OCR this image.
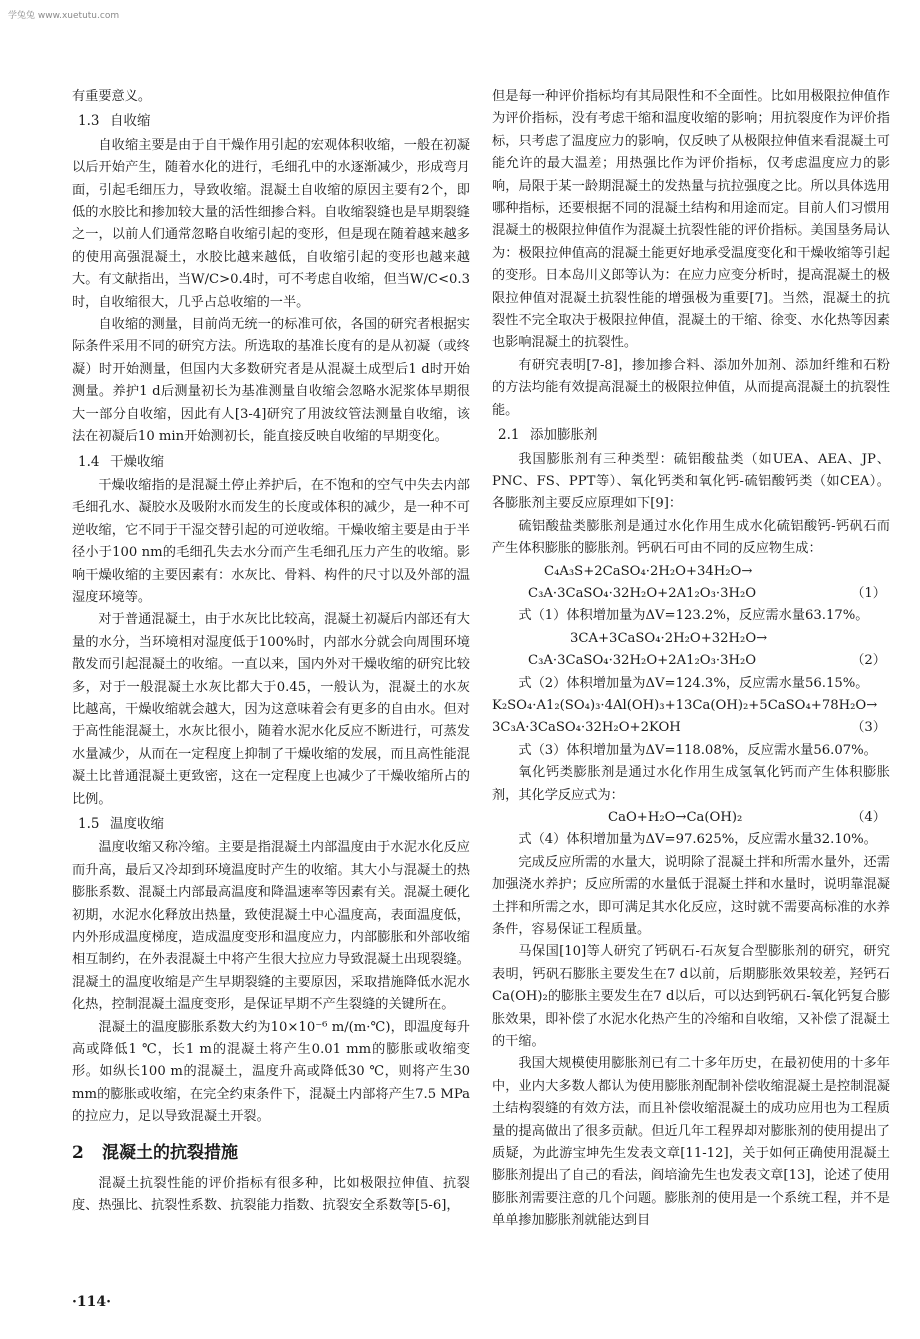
学兔兔 www.xuetutu.com

有重要意义。

1.3 自收缩

自收缩主要是由于自干燥作用引起的宏观体积收缩，一般在初凝以后开始产生，随着水化的进行，毛细孔中的水逐渐减少，形成弯月面，引起毛细压力，导致收缩。混凝土自收缩的原因主要有2个，即低的水胶比和掺加较大量的活性细掺合料。自收缩裂缝也是早期裂缝之一，以前人们通常忽略自收缩引起的变形，但是现在随着越来越多的使用高强混凝土，水胶比越来越低，自收缩引起的变形也越来越大。有文献指出，当W/C>0.4时，可不考虑自收缩，但当W/C<0.3时，自收缩很大，几乎占总收缩的一半。

自收缩的测量，目前尚无统一的标准可依，各国的研究者根据实际条件采用不同的研究方法。所选取的基准长度有的是从初凝（或终凝）时开始测量，但国内大多数研究者是从混凝土成型后1 d时开始测量。养护1 d后测量初长为基准测量自收缩会忽略水泥浆体早期很大一部分自收缩，因此有人[3-4]研究了用波纹管法测量自收缩，该法在初凝后10 min开始测初长，能直接反映自收缩的早期变化。

1.4 干燥收缩

干燥收缩指的是混凝土停止养护后，在不饱和的空气中失去内部毛细孔水、凝胶水及吸附水而发生的长度或体积的减少，是一种不可逆收缩，它不同于干湿交替引起的可逆收缩。干燥收缩主要是由于半径小于100 nm的毛细孔失去水分而产生毛细孔压力产生的收缩。影响干燥收缩的主要因素有：水灰比、骨料、构件的尺寸以及外部的温湿度环境等。

对于普通混凝土，由于水灰比比较高，混凝土初凝后内部还有大量的水分，当环境相对湿度低于100%时，内部水分就会向周围环境散发而引起混凝土的收缩。一直以来，国内外对干燥收缩的研究比较多，对于一般混凝土水灰比都大于0.45，一般认为，混凝土的水灰比越高，干燥收缩就会越大，因为这意味着会有更多的自由水。但对于高性能混凝土，水灰比很小，随着水泥水化反应不断进行，可蒸发水量减少，从而在一定程度上抑制了干燥收缩的发展，而且高性能混凝土比普通混凝土更致密，这在一定程度上也减少了干燥收缩所占的比例。

1.5 温度收缩

温度收缩又称冷缩。主要是指混凝土内部温度由于水泥水化反应而升高，最后又冷却到环境温度时产生的收缩。其大小与混凝土的热膨胀系数、混凝土内部最高温度和降温速率等因素有关。混凝土硬化初期，水泥水化释放出热量，致使混凝土中心温度高，表面温度低，内外形成温度梯度，造成温度变形和温度应力，内部膨胀和外部收缩相互制约，在外表混凝土中将产生很大拉应力导致混凝土出现裂缝。混凝土的温度收缩是产生早期裂缝的主要原因，采取措施降低水泥水化热，控制混凝土温度变形，是保证早期不产生裂缝的关键所在。

混凝土的温度膨胀系数大约为10×10⁻⁶ m/(m·℃)，即温度每升高或降低1 ℃，长1 m的混凝土将产生0.01 mm的膨胀或收缩变形。如纵长100 m的混凝土，温度升高或降低30 ℃，则将产生30 mm的膨胀或收缩，在完全约束条件下，混凝土内部将产生7.5 MPa的拉应力，足以导致混凝土开裂。

2 混凝土的抗裂措施

混凝土抗裂性能的评价指标有很多种，比如极限拉伸值、抗裂度、热强比、抗裂性系数、抗裂能力指数、抗裂安全系数等[5-6]，

但是每一种评价指标均有其局限性和不全面性。比如用极限拉伸值作为评价指标，没有考虑干缩和温度收缩的影响；用抗裂度作为评价指标，只考虑了温度应力的影响，仅反映了从极限拉伸值来看混凝土可能允许的最大温差；用热强比作为评价指标，仅考虑温度应力的影响，局限于某一龄期混凝土的发热量与抗拉强度之比。所以具体选用哪种指标，还要根据不同的混凝土结构和用途而定。目前人们习惯用混凝土的极限拉伸值作为混凝土抗裂性能的评价指标。美国垦务局认为：极限拉伸值高的混凝土能更好地承受温度变化和干燥收缩等引起的变形。日本岛川义郎等认为：在应力应变分析时，提高混凝土的极限拉伸值对混凝土抗裂性能的增强极为重要[7]。当然，混凝土的抗裂性不完全取决于极限拉伸值，混凝土的干缩、徐变、水化热等因素也影响混凝土的抗裂性。

有研究表明[7-8]，掺加掺合料、添加外加剂、添加纤维和石粉的方法均能有效提高混凝土的极限拉伸值，从而提高混凝土的抗裂性能。

2.1 添加膨胀剂

我国膨胀剂有三种类型：硫铝酸盐类（如UEA、AEA、JP、PNC、FS、PPT等）、氧化钙类和氧化钙-硫铝酸钙类（如CEA）。各膨胀剂主要反应原理如下[9]：

硫铝酸盐类膨胀剂是通过水化作用生成水化硫铝酸钙-钙矾石而产生体积膨胀的膨胀剂。钙矾石可由不同的反应物生成：

C₄A₃S+2CaSO₄·2H₂O+34H₂O→
C₃A·3CaSO₄·32H₂O+2A1₂O₃·3H₂O	（1）

式（1）体积增加量为ΔV=123.2%，反应需水量63.17%。

3CA+3CaSO₄·2H₂O+32H₂O→
C₃A·3CaSO₄·32H₂O+2A1₂O₃·3H₂O	（2）

式（2）体积增加量为ΔV=124.3%，反应需水量56.15%。

K₂SO₄·A1₂(SO₄)₃·4Al(OH)₃+13Ca(OH)₂+5CaSO₄+78H₂O→
3C₃A·3CaSO₄·32H₂O+2KOH	（3）

式（3）体积增加量为ΔV=118.08%，反应需水量56.07%。

氧化钙类膨胀剂是通过水化作用生成氢氧化钙而产生体积膨胀剂，其化学反应式为：

CaO+H₂O→Ca(OH)₂	（4）

式（4）体积增加量为ΔV=97.625%，反应需水量32.10%。

完成反应所需的水量大，说明除了混凝土拌和所需水量外，还需加强浇水养护；反应所需的水量低于混凝土拌和水量时，说明靠混凝土拌和所需之水，即可满足其水化反应，这时就不需要高标准的水养条件，容易保证工程质量。

马保国[10]等人研究了钙矾石-石灰复合型膨胀剂的研究，研究表明，钙矾石膨胀主要发生在7 d以前，后期膨胀效果较差，羟钙石Ca(OH)₂的膨胀主要发生在7 d以后，可以达到钙矾石-氧化钙复合膨胀效果，即补偿了水泥水化热产生的冷缩和自收缩，又补偿了混凝土的干缩。

我国大规模使用膨胀剂已有二十多年历史，在最初使用的十多年中，业内大多数人都认为使用膨胀剂配制补偿收缩混凝土是控制混凝土结构裂缝的有效方法，而且补偿收缩混凝土的成功应用也为工程质量的提高做出了很多贡献。但近几年工程界却对膨胀剂的使用提出了质疑，为此游宝坤先生发表文章[11-12]，关于如何正确使用混凝土膨胀剂提出了自己的看法，阎培渝先生也发表文章[13]，论述了使用膨胀剂需要注意的几个问题。膨胀剂的使用是一个系统工程，并不是单单掺加膨胀剂就能达到目

·114·
